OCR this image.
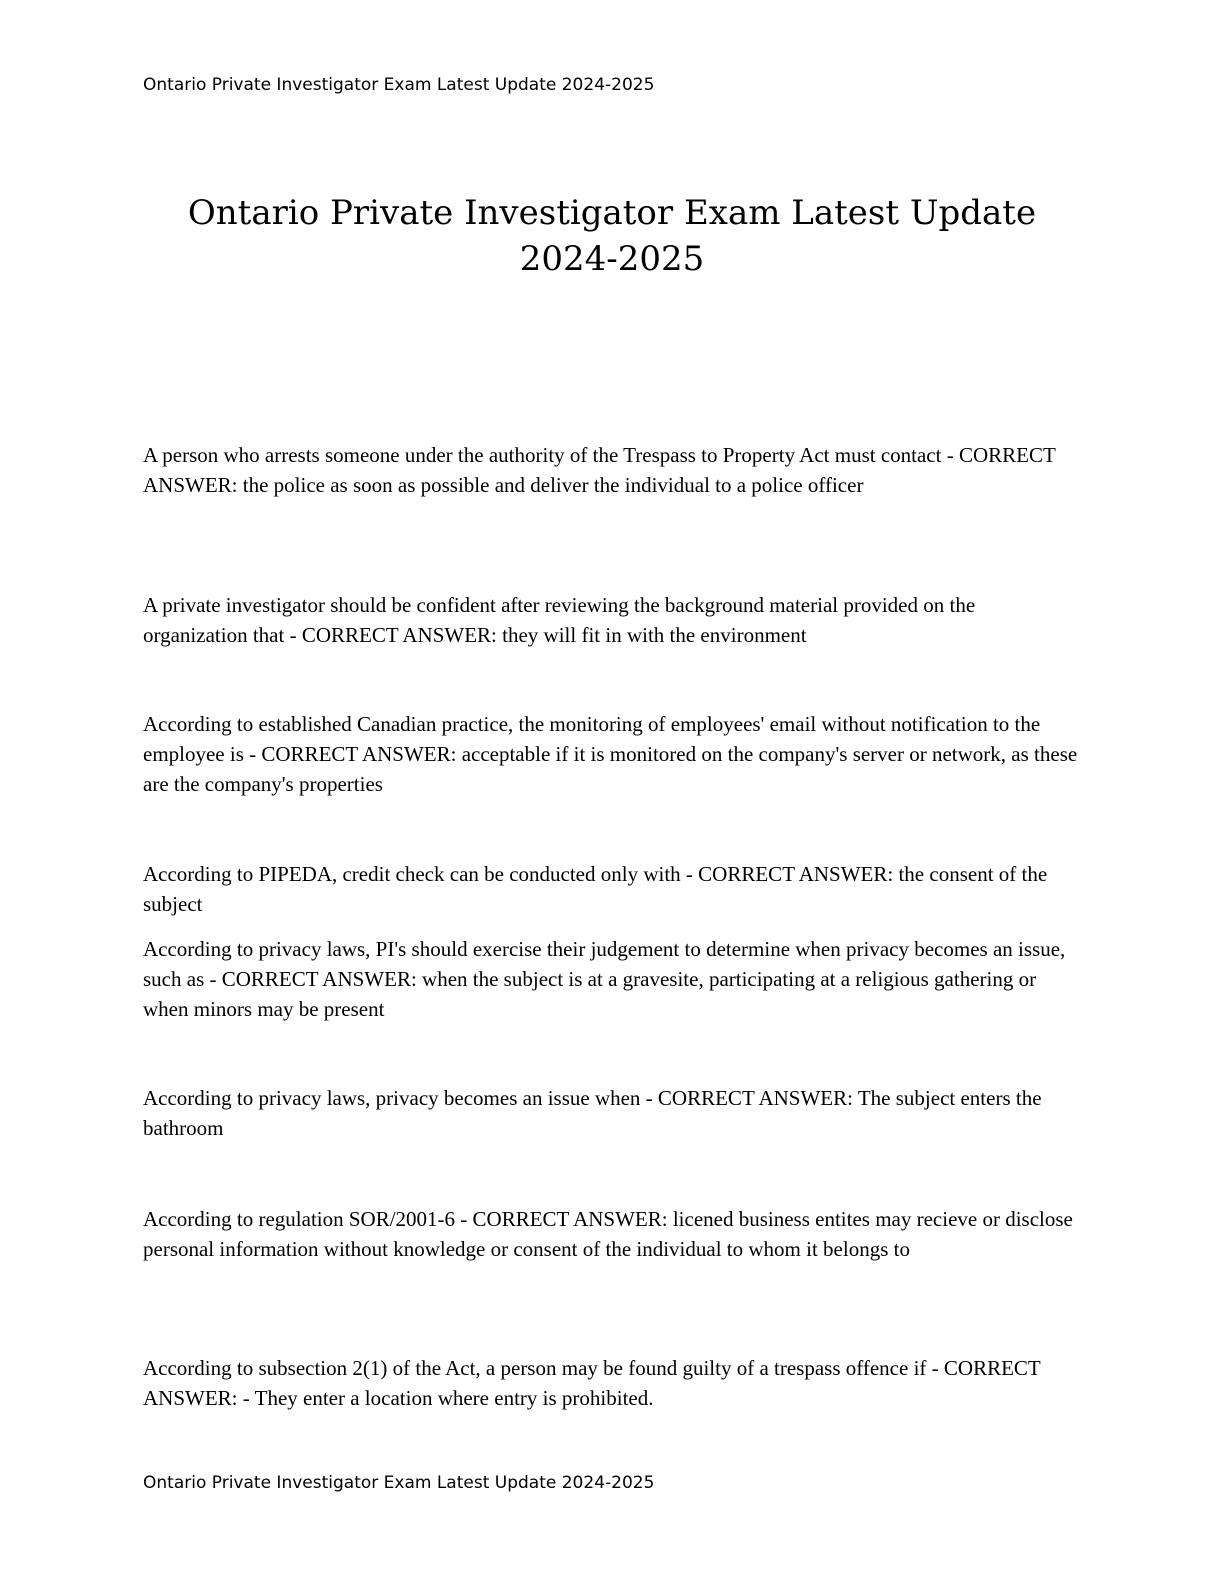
Ontario Private Investigator Exam Latest Update 2024-2025
Ontario Private Investigator Exam Latest Update
2024-2025

A person who arrests someone under the authority of the Trespass to Property Act must contact - CORRECT ANSWER: the police as soon as possible and deliver the individual to a police officer

A private investigator should be confident after reviewing the background material provided on the organization that - CORRECT ANSWER: they will fit in with the environment

According to established Canadian practice, the monitoring of employees' email without notification to the employee is - CORRECT ANSWER: acceptable if it is monitored on the company's server or network, as these are the company's properties

According to PIPEDA, credit check can be conducted only with - CORRECT ANSWER: the consent of the subject

According to privacy laws, PI's should exercise their judgement to determine when privacy becomes an issue, such as - CORRECT ANSWER: when the subject is at a gravesite, participating at a religious gathering or when minors may be present

According to privacy laws, privacy becomes an issue when - CORRECT ANSWER: The subject enters the bathroom

According to regulation SOR/2001-6 - CORRECT ANSWER: licened business entites may recieve or disclose personal information without knowledge or consent of the individual to whom it belongs to

According to subsection 2(1) of the Act, a person may be found guilty of a trespass offence if - CORRECT ANSWER: - They enter a location where entry is prohibited.

Ontario Private Investigator Exam Latest Update 2024-2025
